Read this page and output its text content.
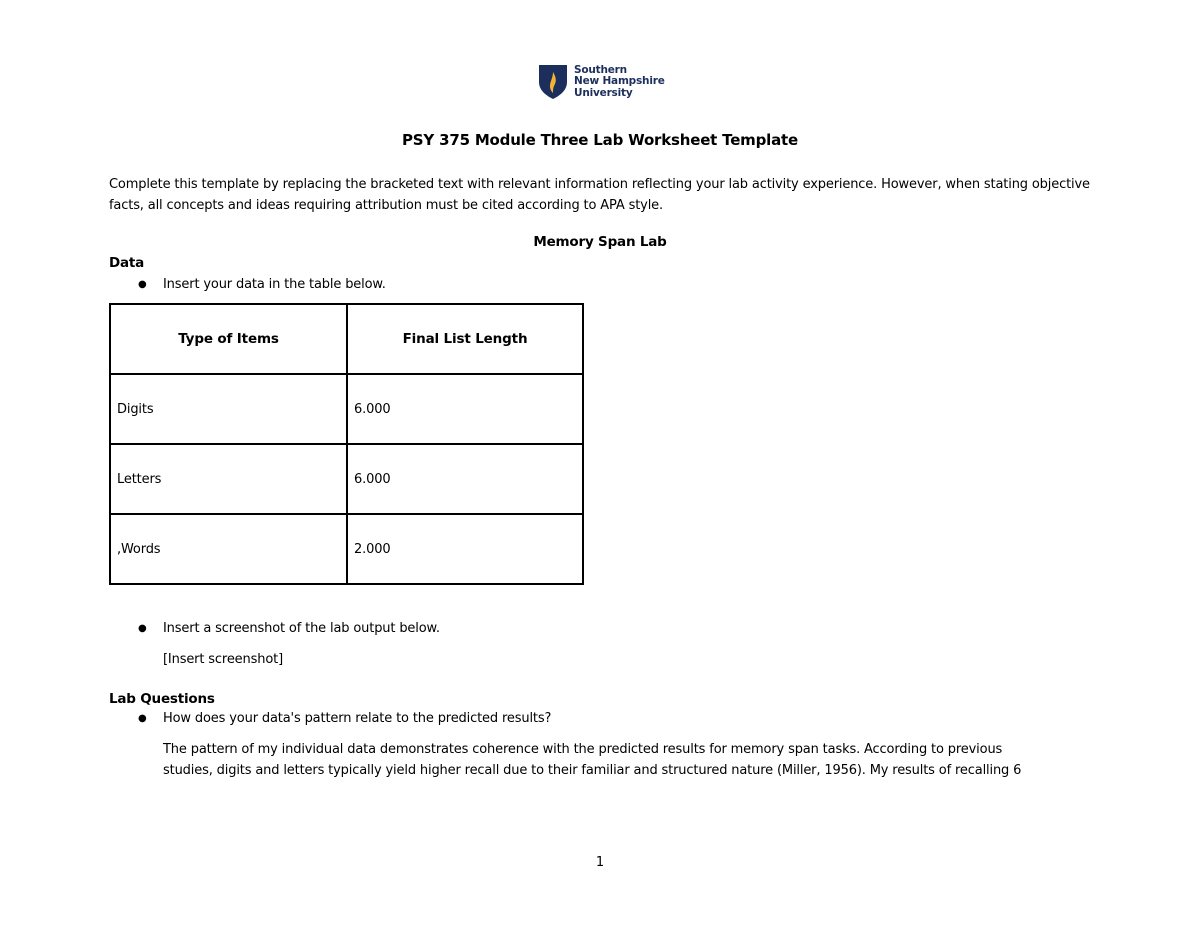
Southern
New Hampshire
University
PSY 375 Module Three Lab Worksheet Template
Complete this template by replacing the bracketed text with relevant information reflecting your lab activity experience. However, when stating objective facts, all concepts and ideas requiring attribution must be cited according to APA style.
Memory Span Lab
Data
●	Insert your data in the table below.
Type of Items	Final List Length
Digits	6.000
Letters	6.000
,Words	2.000
●	Insert a screenshot of the lab output below.
[Insert screenshot]
Lab Questions
●	How does your data's pattern relate to the predicted results?
The pattern of my individual data demonstrates coherence with the predicted results for memory span tasks. According to previous
studies, digits and letters typically yield higher recall due to their familiar and structured nature (Miller, 1956). My results of recalling 6
1
